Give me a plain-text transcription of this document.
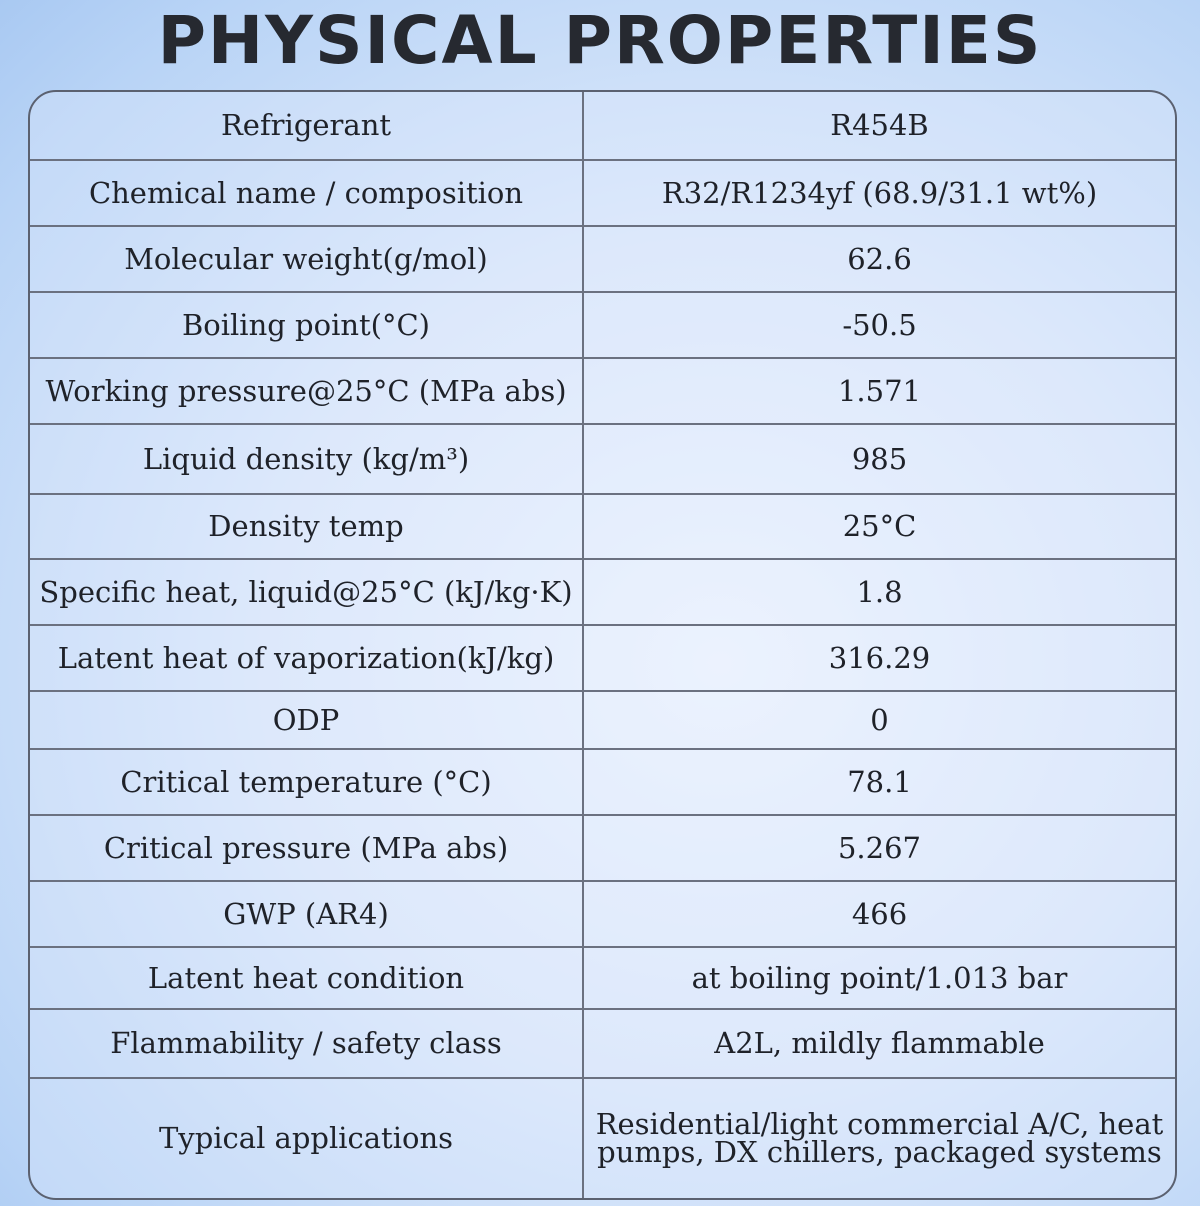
PHYSICAL PROPERTIES
Refrigerant	R454B
Chemical name / composition	R32/R1234yf (68.9/31.1 wt%)
Molecular weight(g/mol)	62.6
Boiling point(°C)	-50.5
Working pressure@25°C (MPa abs)	1.571
Liquid density (kg/m³)	985
Density temp	25°C
Specific heat, liquid@25°C (kJ/kg·K)	1.8
Latent heat of vaporization(kJ/kg)	316.29
ODP	0
Critical temperature (°C)	78.1
Critical pressure (MPa abs)	5.267
GWP (AR4)	466
Latent heat condition	at boiling point/1.013 bar
Flammability / safety class	A2L, mildly flammable
Typical applications	Residential/light commercial A/C, heat pumps, DX chillers, packaged systems
